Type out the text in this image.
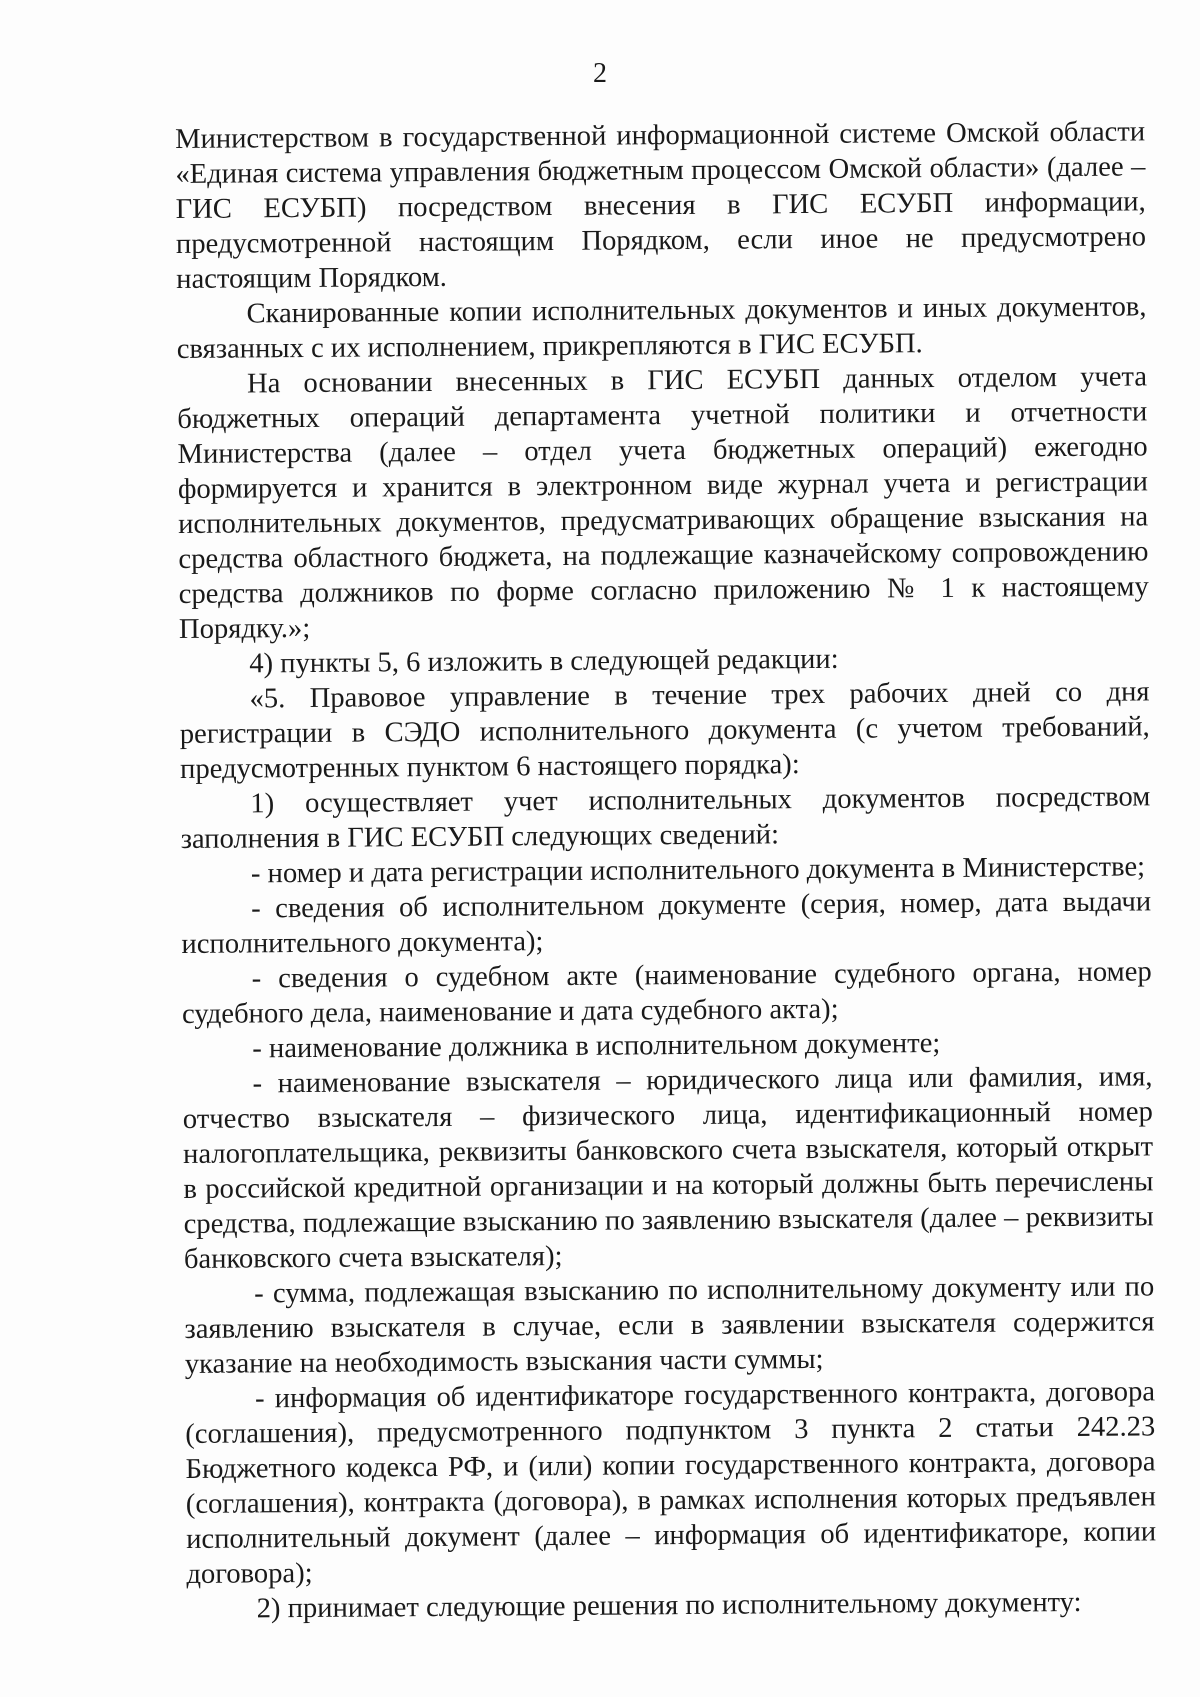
2

Министерством в государственной информационной системе Омской области «Единая система управления бюджетным процессом Омской области» (далее – ГИС ЕСУБП) посредством внесения в ГИС ЕСУБП информации, предусмотренной настоящим Порядком, если иное не предусмотрено настоящим Порядком.

Сканированные копии исполнительных документов и иных документов, связанных с их исполнением, прикрепляются в ГИС ЕСУБП.

На основании внесенных в ГИС ЕСУБП данных отделом учета бюджетных операций департамента учетной политики и отчетности Министерства (далее – отдел учета бюджетных операций) ежегодно формируется и хранится в электронном виде журнал учета и регистрации исполнительных документов, предусматривающих обращение взыскания на средства областного бюджета, на подлежащие казначейскому сопровождению средства должников по форме согласно приложению № 1 к настоящему Порядку.»;

4) пункты 5, 6 изложить в следующей редакции:

«5. Правовое управление в течение трех рабочих дней со дня регистрации в СЭДО исполнительного документа (с учетом требований, предусмотренных пунктом 6 настоящего порядка):

1) осуществляет учет исполнительных документов посредством заполнения в ГИС ЕСУБП следующих сведений:

- номер и дата регистрации исполнительного документа в Министерстве;

- сведения об исполнительном документе (серия, номер, дата выдачи исполнительного документа);

- сведения о судебном акте (наименование судебного органа, номер судебного дела, наименование и дата судебного акта);

- наименование должника в исполнительном документе;

- наименование взыскателя – юридического лица или фамилия, имя, отчество взыскателя – физического лица, идентификационный номер налогоплательщика, реквизиты банковского счета взыскателя, который открыт в российской кредитной организации и на который должны быть перечислены средства, подлежащие взысканию по заявлению взыскателя (далее – реквизиты банковского счета взыскателя);

- сумма, подлежащая взысканию по исполнительному документу или по заявлению взыскателя в случае, если в заявлении взыскателя содержится указание на необходимость взыскания части суммы;

- информация об идентификаторе государственного контракта, договора (соглашения), предусмотренного подпунктом 3 пункта 2 статьи 242.23 Бюджетного кодекса РФ, и (или) копии государственного контракта, договора (соглашения), контракта (договора), в рамках исполнения которых предъявлен исполнительный документ (далее – информация об идентификаторе, копии договора);

2) принимает следующие решения по исполнительному документу:
